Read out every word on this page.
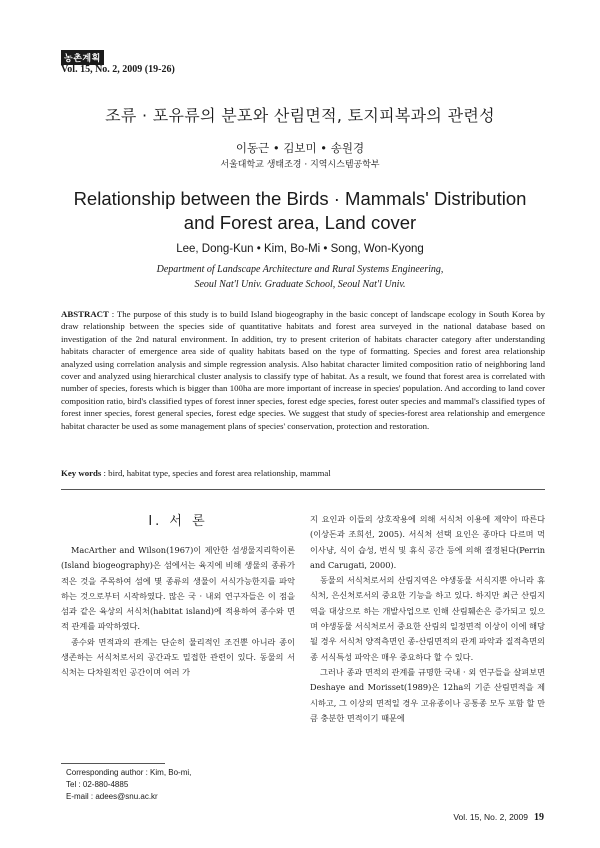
농촌계획
Vol. 15, No. 2, 2009 (19-26)
조류 · 포유류의 분포와 산림면적, 토지피복과의 관련성
이동근 • 김보미 • 송원경
서울대학교 생태조경 · 지역시스템공학부
Relationship between the Birds · Mammals' Distribution
and Forest area, Land cover
Lee, Dong-Kun • Kim, Bo-Mi • Song, Won-Kyong
Department of Landscape Architecture and Rural Systems Engineering,
Seoul Nat'l Univ. Graduate School, Seoul Nat'l Univ.
ABSTRACT : The purpose of this study is to build Island biogeography in the basic concept of landscape ecology in South Korea by draw relationship between the species side of quantitative habitats and forest area surveyed in the national database based on investigation of the 2nd natural environment. In addition, try to present criterion of habitats character category after understanding habitats character of emergence area side of quality habitats based on the type of formatting. Species and forest area relationship analyzed using correlation analysis and simple regression analysis. Also habitat character limited composition ratio of neighboring land cover and analyzed using hierarchical cluster analysis to classify type of habitat. As a result, we found that forest area is correlated with number of species, forests which is bigger than 100ha are more important of increase in species' population. And according to land cover composition ratio, bird's classified types of forest inner species, forest edge species, forest outer species and mammal's classified types of forest inner species, forest general species, forest edge species. We suggest that study of species-forest area relationship and emergence habitat character be used as some management plans of species' conservation, protection and restoration.
Key words : bird, habitat type, species and forest area relationship, mammal
Ⅰ. 서 론

MacArther and Wilson(1967)이 제안한 섬생물지리학이론(Island biogeography)은 섬에서는 육지에 비해 생물의 종류가 적은 것을 주목하여 섬에 몇 종류의 생물이 서식가능한지를 파악하는 것으로부터 시작하였다. 많은 국 · 내외 연구자들은 이 점을 섬과 같은 육상의 서식처(habitat island)에 적용하여 종수와 면적 관계를 파악하였다.

종수와 면적과의 관계는 단순히 물리적인 조건뿐 아니라 종이 생존하는 서식처로서의 공간과도 밀접한 관련이 있다. 동물의 서식처는 다차원적인 공간이며 여러 가

지 요인과 이들의 상호작용에 의해 서식처 이용에 제약이 따른다(이상돈과 조희선, 2005). 서식처 선택 요인은 종마다 다르며 먹이사냥, 식이 습성, 번식 및 휴식 공간 등에 의해 결정된다(Perrin and Carugati, 2000).

동물의 서식처로서의 산림지역은 야생동물 서식지뿐 아니라 휴식처, 은신처로서의 중요한 기능을 하고 있다. 하지만 최근 산림지역을 대상으로 하는 개발사업으로 인해 산림훼손은 증가되고 있으며 야생동물 서식처로서 중요한 산림의 일정면적 이상이 이에 해당 될 경우 서식처 양적측면인 종-산림면적의 관계 파악과 질적측면의 종 서식특성 파악은 매우 중요하다 할 수 있다.

그러나 종과 면적의 관계를 규명한 국내 · 외 연구들을 살펴보면 Deshaye and Morisset(1989)은 12ha의 기준 산림면적을 제시하고, 그 이상의 면적일 경우 고유종이나 공통종 모두 포함 할 만큼 충분한 면적이기 때문에

Corresponding author : Kim, Bo-mi,
Tel : 02-880-4885
E-mail : adees@snu.ac.kr
Vol. 15, No. 2, 2009 19
